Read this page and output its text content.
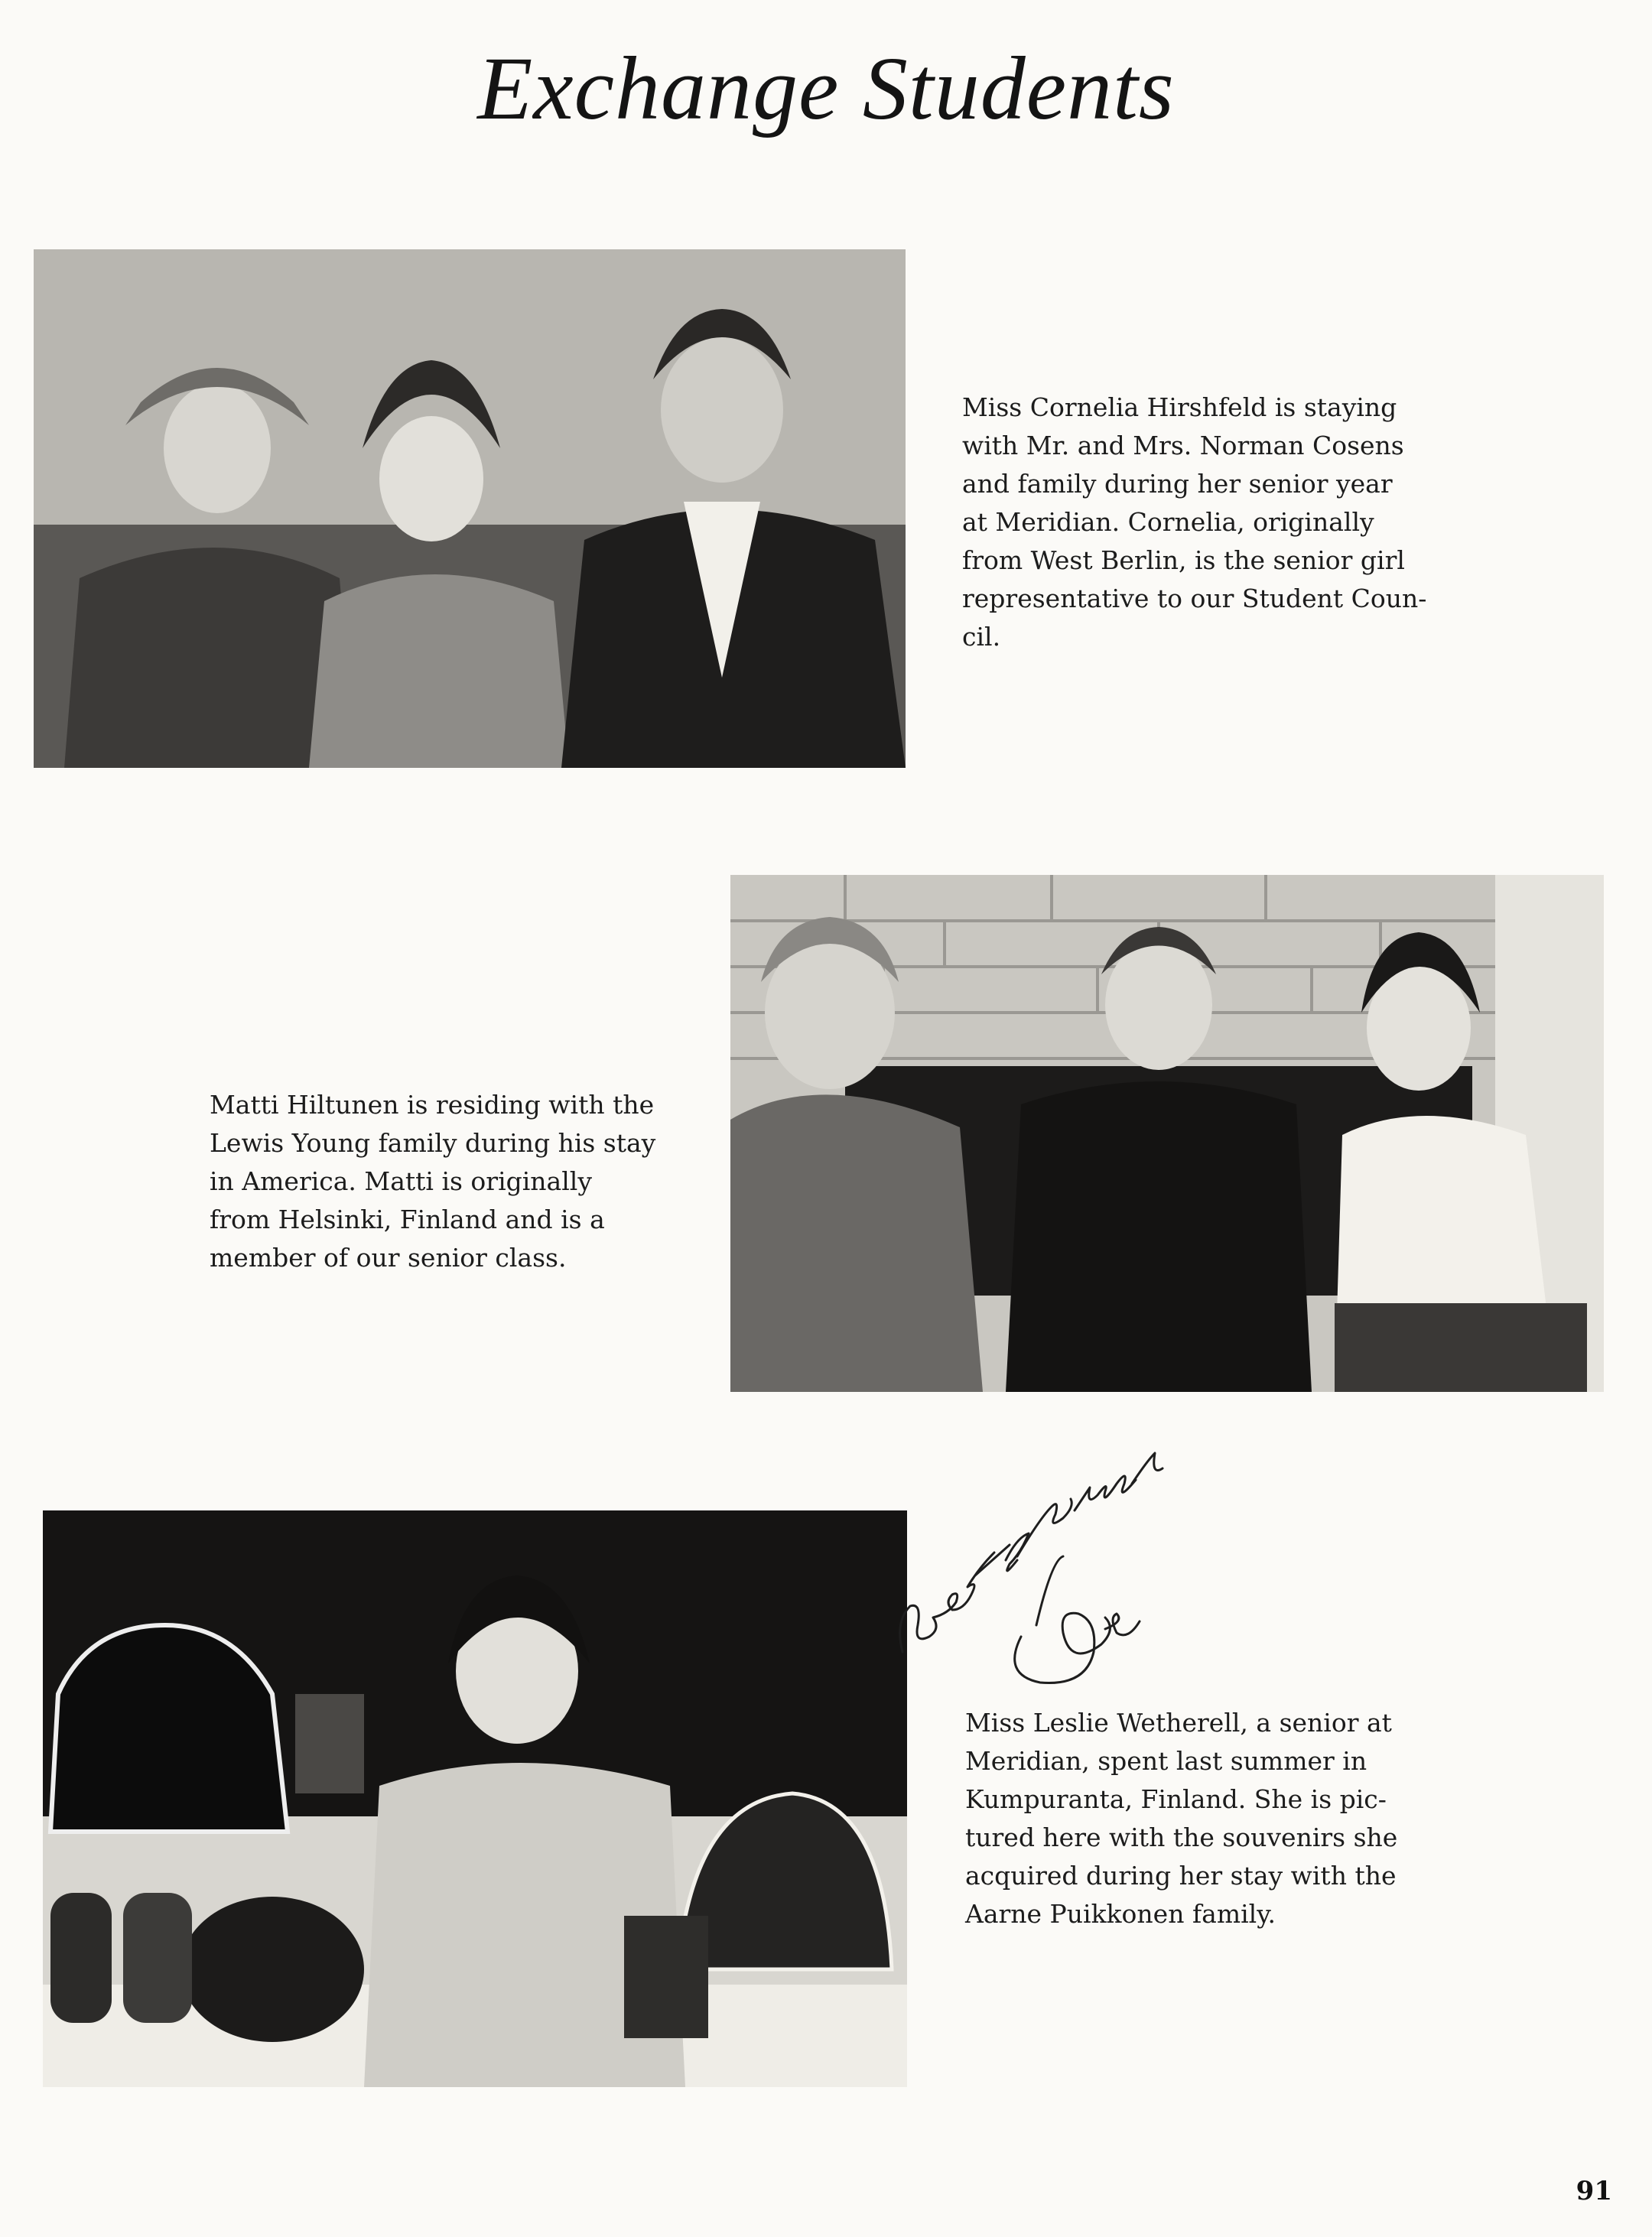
Exchange Students
Miss Cornelia Hirshfeld is staying
with Mr. and Mrs. Norman Cosens
and family during her senior year
at Meridian. Cornelia, originally
from West Berlin, is the senior girl
representative to our Student Coun-
cil.
Matti Hiltunen is residing with the
Lewis Young family during his stay
in America. Matti is originally
from Helsinki, Finland and is a
member of our senior class.
Miss Leslie Wetherell, a senior at
Meridian, spent last summer in
Kumpuranta, Finland. She is pic-
tured here with the souvenirs she
acquired during her stay with the
Aarne Puikkonen family.
91
